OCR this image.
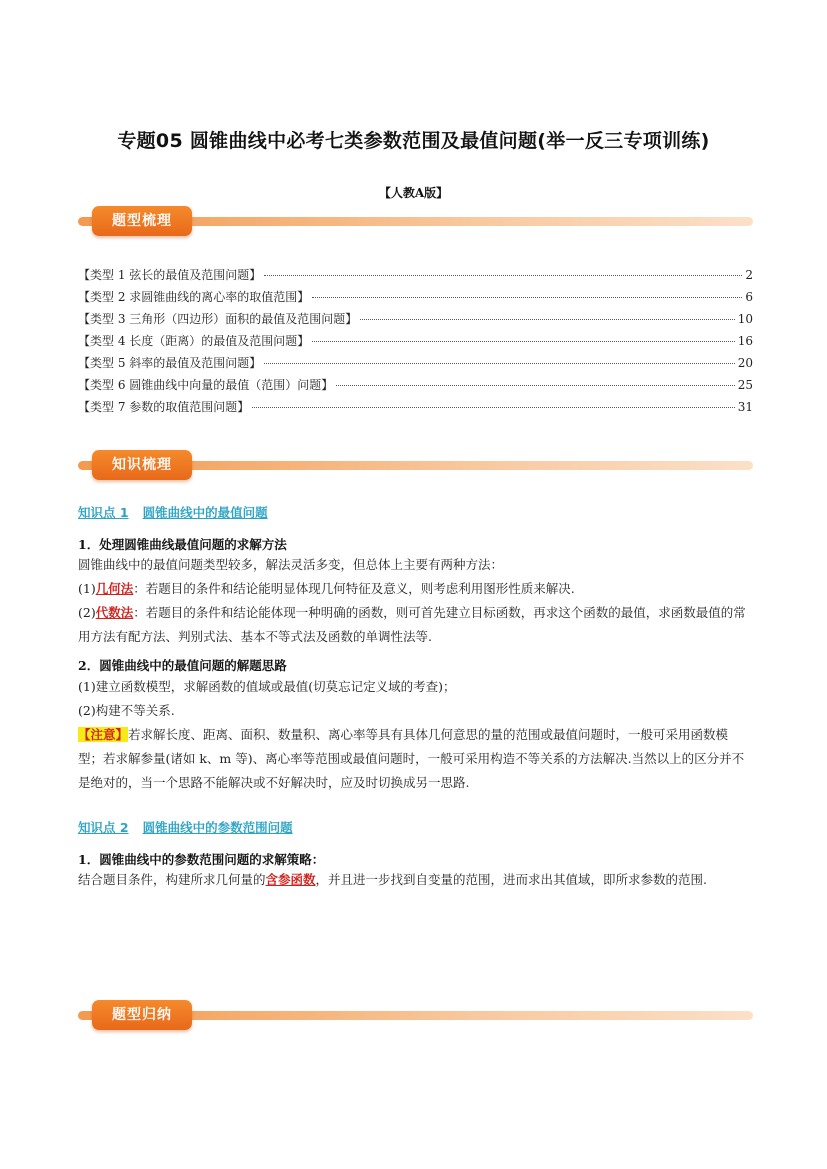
专题05 圆锥曲线中必考七类参数范围及最值问题(举一反三专项训练)
【人教A版】
题型梳理
【类型 1 弦长的最值及范围问题】	2
【类型 2 求圆锥曲线的离心率的取值范围】	6
【类型 3 三角形（四边形）面积的最值及范围问题】	10
【类型 4 长度（距离）的最值及范围问题】	16
【类型 5 斜率的最值及范围问题】	20
【类型 6 圆锥曲线中向量的最值（范围）问题】	25
【类型 7 参数的取值范围问题】	31
知识梳理
知识点 1 圆锥曲线中的最值问题
1．处理圆锥曲线最值问题的求解方法
圆锥曲线中的最值问题类型较多，解法灵活多变，但总体上主要有两种方法：
(1)几何法：若题目的条件和结论能明显体现几何特征及意义，则考虑利用图形性质来解决.
(2)代数法：若题目的条件和结论能体现一种明确的函数，则可首先建立目标函数，再求这个函数的最值，求函数最值的常用方法有配方法、判别式法、基本不等式法及函数的单调性法等.
2．圆锥曲线中的最值问题的解题思路
(1)建立函数模型，求解函数的值域或最值(切莫忘记定义域的考查)；
(2)构建不等关系.
【注意】若求解长度、距离、面积、数量积、离心率等具有具体几何意思的量的范围或最值问题时，一般可采用函数模型；若求解参量(诸如 k、m 等)、离心率等范围或最值问题时，一般可采用构造不等关系的方法解决.当然以上的区分并不是绝对的，当一个思路不能解决或不好解决时，应及时切换成另一思路.
知识点 2 圆锥曲线中的参数范围问题
1．圆锥曲线中的参数范围问题的求解策略：
结合题目条件，构建所求几何量的含参函数，并且进一步找到自变量的范围，进而求出其值域，即所求参数的范围.
题型归纳
